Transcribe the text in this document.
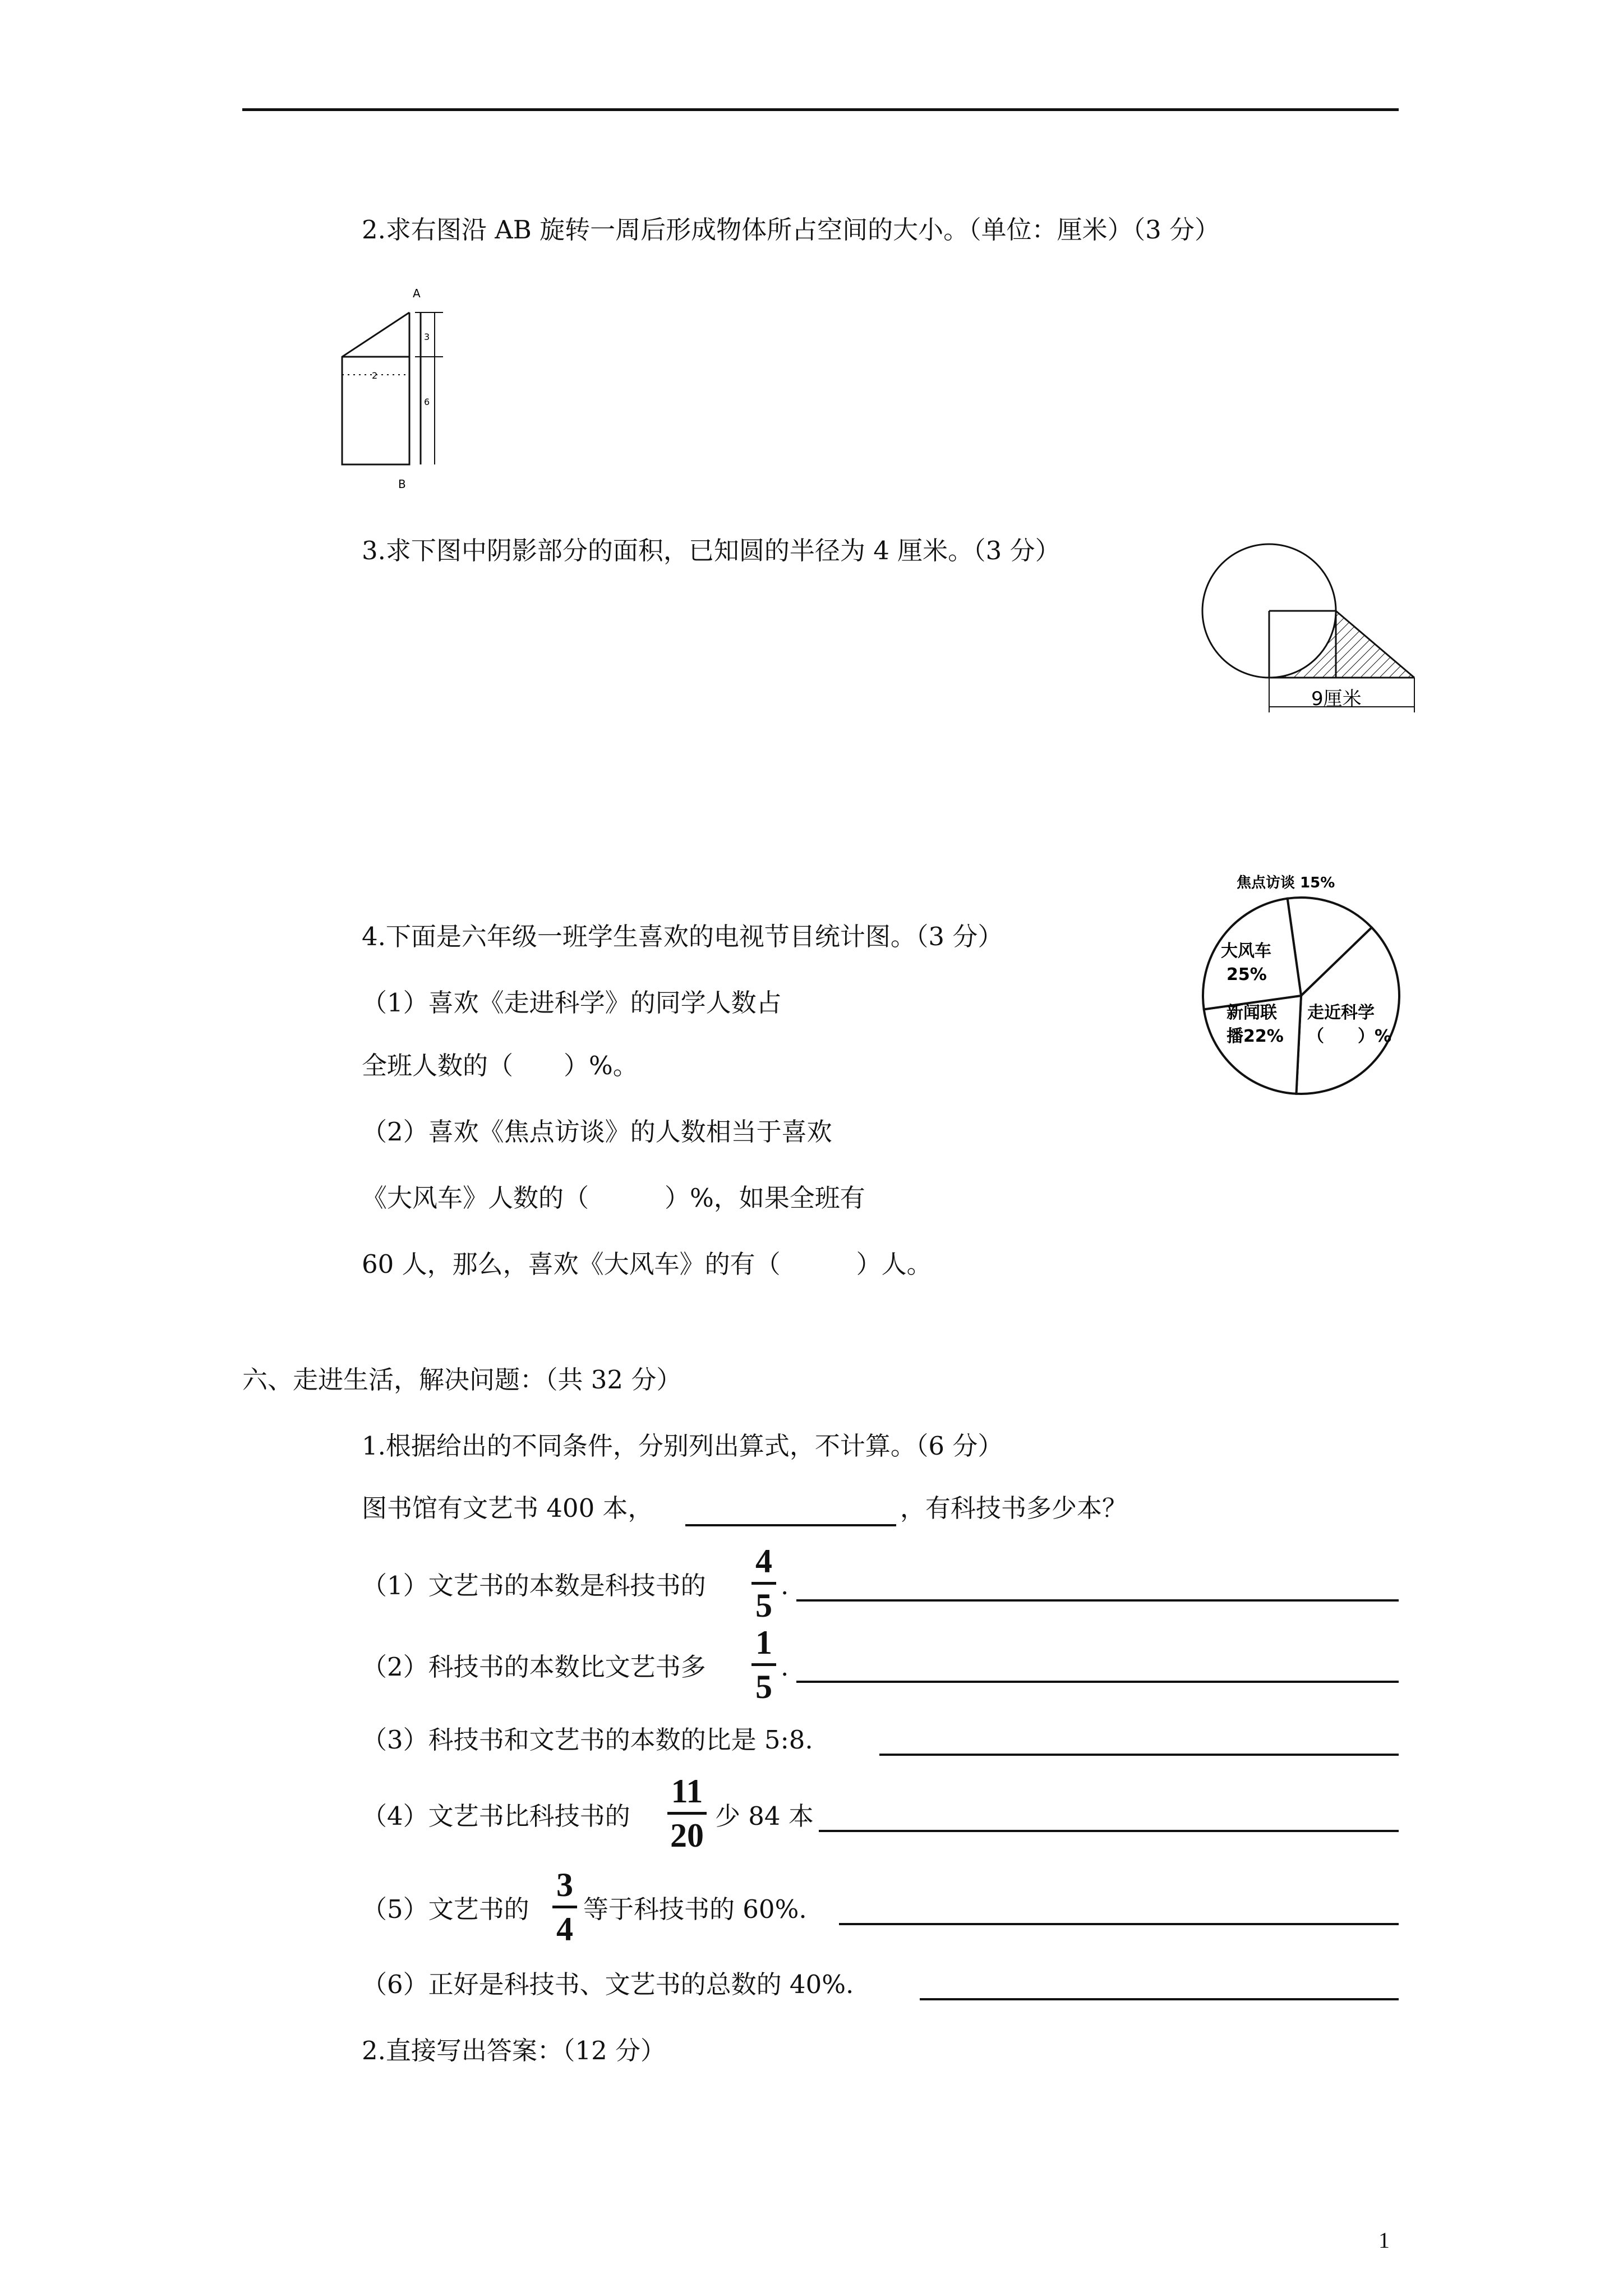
2.求右图沿 AB 旋转一周后形成物体所占空间的大小。（单位：厘米）（3 分）
A
B
3
2
6
3.求下图中阴影部分的面积，已知圆的半径为 4 厘米。（3 分）
9厘米
4.下面是六年级一班学生喜欢的电视节目统计图。（3 分）
（1）喜欢《走进科学》的同学人数占
全班人数的（　　）%。
（2）喜欢《焦点访谈》的人数相当于喜欢
《大风车》人数的（　　　）%，如果全班有
60 人，那么，喜欢《大风车》的有（　　　）人。
焦点访谈 15%
大风车
25%
新闻联
播22%
走近科学
（　　）%
六、走进生活，解决问题：（共 32 分）
1.根据给出的不同条件，分别列出算式，不计算。（6 分）
图书馆有文艺书 400 本，	，有科技书多少本？
（1）文艺书的本数是科技书的
4
5
.
（2）科技书的本数比文艺书多
1
5
.
（3）科技书和文艺书的本数的比是 5:8.
（4）文艺书比科技书的
11
20
少 84 本
（5）文艺书的
3
4
等于科技书的 60%.
（6）正好是科技书、文艺书的总数的 40%.
2.直接写出答案：（12 分）
1
